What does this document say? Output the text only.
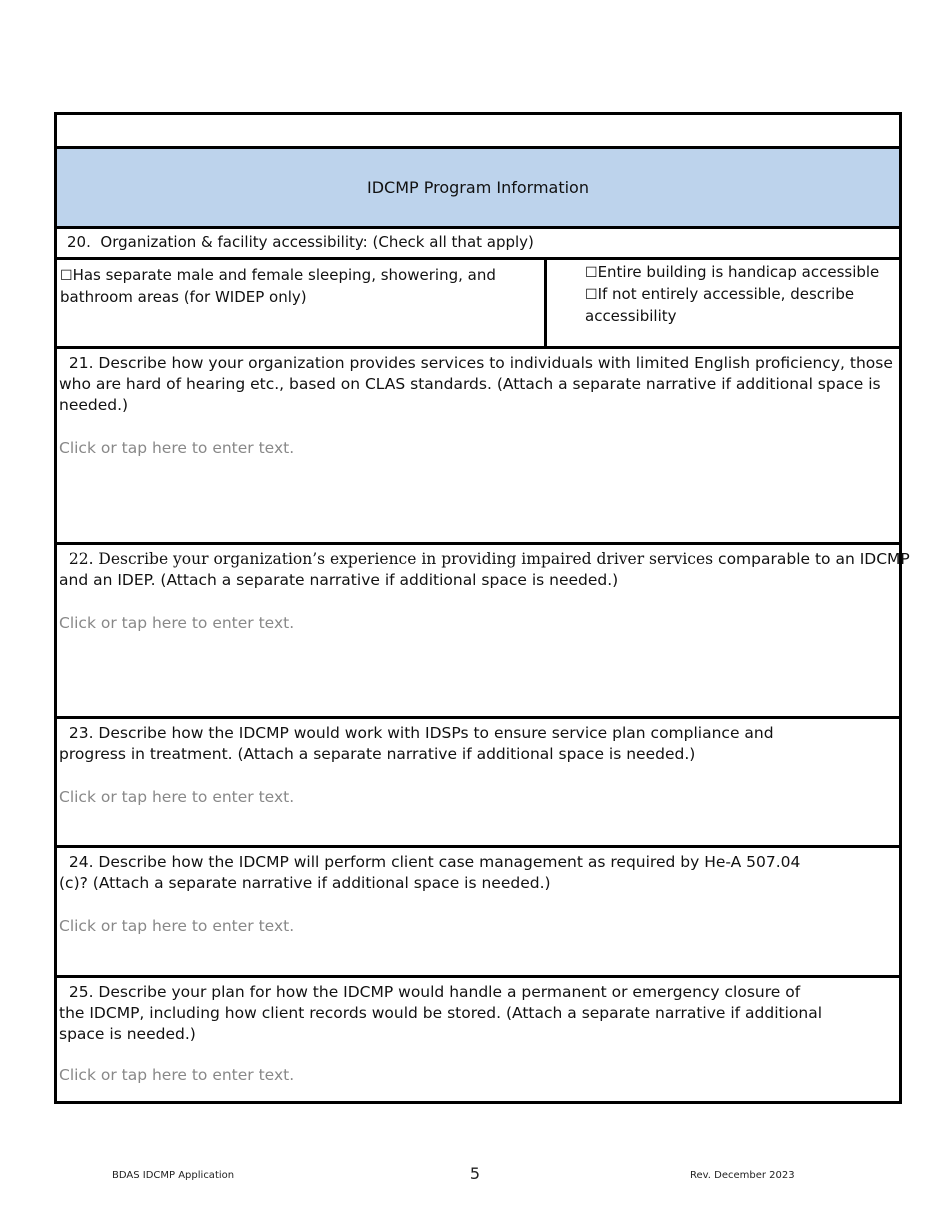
IDCMP Program Information
20.  Organization & facility accessibility: (Check all that apply)
☐Has separate male and female sleeping, showering, and
bathroom areas (for WIDEP only)
☐Entire building is handicap accessible
☐If not entirely accessible, describe
accessibility
21. Describe how your organization provides services to individuals with limited English proficiency, those
who are hard of hearing etc., based on CLAS standards. (Attach a separate narrative if additional space is
needed.)
Click or tap here to enter text.
22. Describe your organization’s experience in providing impaired driver services comparable to an IDCMP
and an IDEP. (Attach a separate narrative if additional space is needed.)
Click or tap here to enter text.
23. Describe how the IDCMP would work with IDSPs to ensure service plan compliance and
progress in treatment. (Attach a separate narrative if additional space is needed.)
Click or tap here to enter text.
24. Describe how the IDCMP will perform client case management as required by He-A 507.04
(c)? (Attach a separate narrative if additional space is needed.)
Click or tap here to enter text.
25. Describe your plan for how the IDCMP would handle a permanent or emergency closure of
the IDCMP, including how client records would be stored. (Attach a separate narrative if additional
space is needed.)
Click or tap here to enter text.
BDAS IDCMP Application	5	Rev. December 2023
